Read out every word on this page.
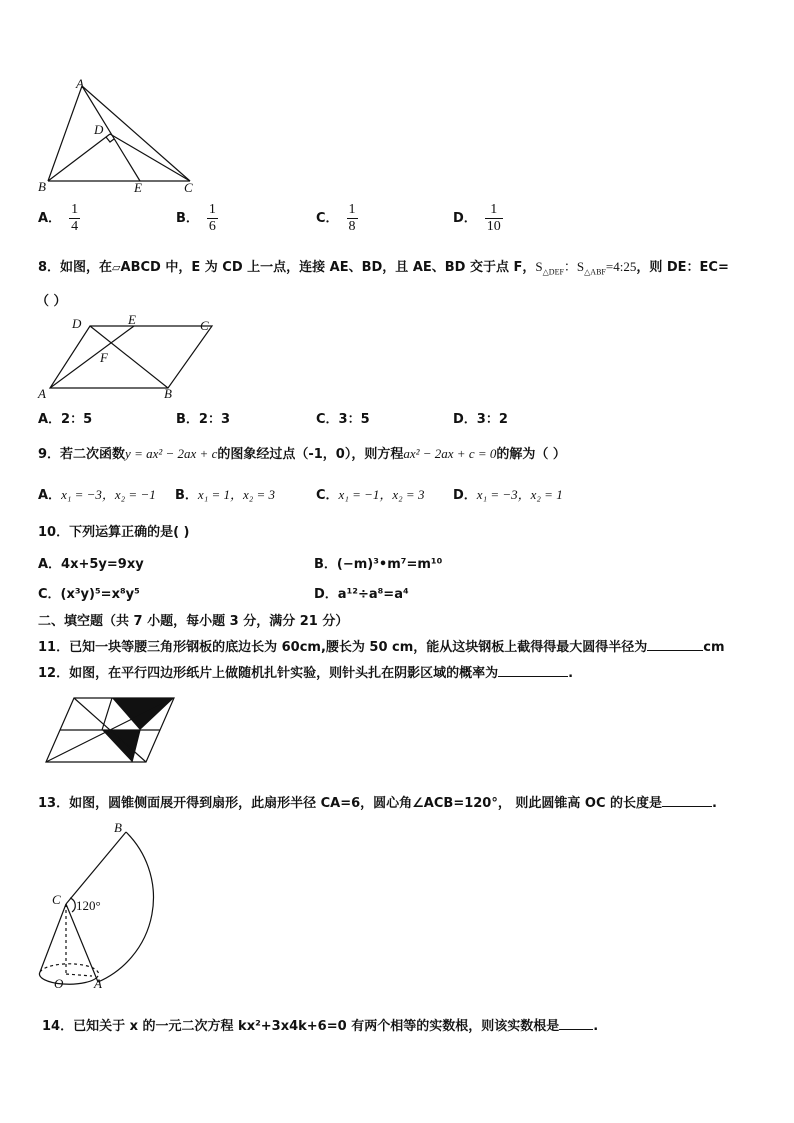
A
D
B	E	C
A． $\frac{1}{4}$	B． $\frac{1}{6}$	C． $\frac{1}{8}$	D． $\frac{1}{10}$
8．如图，在▱ABCD 中，E 为 CD 上一点，连接 AE、BD，且 AE、BD 交于点 F，$S_{\triangle DEF}$：$S_{\triangle ABF}=4:25$，则 DE：EC=
（ ）
D	E	C
F
A	B
A．2：5	B．2：3	C．3：5	D．3：2
9．若二次函数y = ax² − 2ax + c的图象经过点（-1，0），则方程ax² − 2ax + c = 0的解为（ ）
A．x₁ = −3，x₂ = −1 B．x₁ = 1，x₂ = 3	C．x₁ = −1，x₂ = 3 D．x₁ = −3，x₂ = 1
10．下列运算正确的是( )
A．4x+5y=9xy	B．(−m)³•m⁷=m¹⁰
C．(x³y)⁵=x⁸y⁵	D．a¹²÷a⁸=a⁴
二、填空题（共 7 小题，每小题 3 分，满分 21 分）
11．已知一块等腰三角形钢板的底边长为 60cm,腰长为 50 cm，能从这块钢板上截得得最大圆得半径为	cm
12．如图，在平行四边形纸片上做随机扎针实验，则针头扎在阴影区域的概率为	.
13．如图，圆锥侧面展开得到扇形，此扇形半径 CA=6，圆心角∠ACB=120°， 则此圆锥高 OC 的长度是	.
B
C 120°
O A
14．已知关于 x 的一元二次方程 kx²+3x4k+6=0 有两个相等的实数根，则该实数根是	.
